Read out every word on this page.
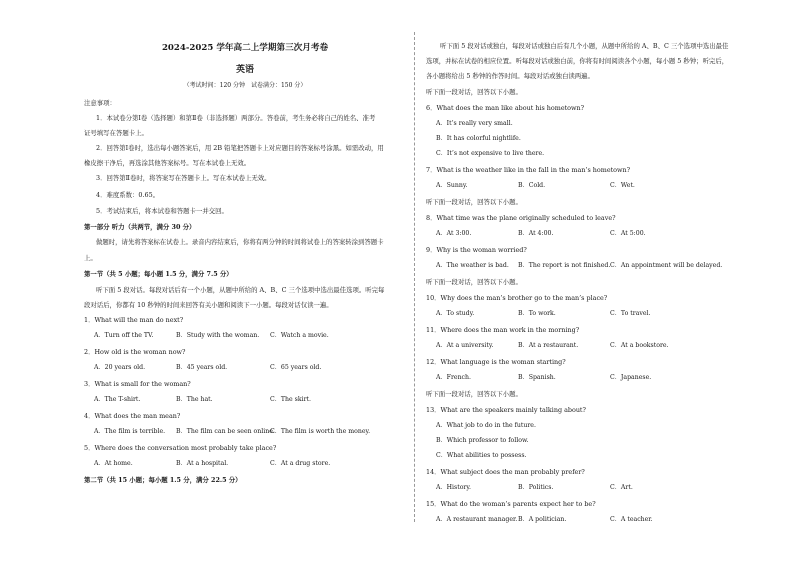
2024-2025 学年高二上学期第三次月考卷
英语
（考试时间：120 分钟　试卷满分：150 分）
注意事项：
1．本试卷分第Ⅰ卷（选择题）和第Ⅱ卷（非选择题）两部分。答卷前，考生务必将自己的姓名、准考
证号填写在答题卡上。
2．回答第Ⅰ卷时，选出每小题答案后，用 2B 铅笔把答题卡上对应题目的答案标号涂黑。如需改动，用
橡皮擦干净后，再选涂其他答案标号。写在本试卷上无效。
3．回答第Ⅱ卷时，将答案写在答题卡上。写在本试卷上无效。
4．难度系数：0.65。
5．考试结束后，将本试卷和答题卡一并交回。
第一部分 听力（共两节，满分 30 分）
做题时，请先将答案标在试卷上。录音内容结束后，你将有两分钟的时间将试卷上的答案转涂到答题卡
上。
第一节（共 5 小题；每小题 1.5 分，满分 7.5 分）
听下面 5 段对话。每段对话后有一个小题，从题中所给的 A、B、C 三个选项中选出最佳选项。听完每
段对话后，你都有 10 秒钟的时间来回答有关小题和阅读下一小题。每段对话仅读一遍。
1．What will the man do next?
A．Turn off the TV.	B．Study with the woman. C．Watch a movie.
2．How old is the woman now?
A．20 years old.	B．45 years old.	C．65 years old.
3．What is small for the woman?
A．The T-shirt.	B．The hat.	C．The skirt.
4．What does the man mean?
A．The film is terrible. B．The film can be seen online.
C．The film is worth the money.
5．Where does the conversation most probably take place?
A．At home.	B．At a hospital.	C．At a drug store.
第二节（共 15 小题；每小题 1.5 分，满分 22.5 分）
听下面 5 段对话或独白，每段对话或独白后有几个小题，从题中所给的 A、B、C 三个选项中选出最佳
选项，并标在试卷的相应位置。听每段对话或独白前，你将有时间阅读各个小题，每小题 5 秒钟；听完后，
各小题将给出 5 秒钟的作答时间。每段对话或独白读两遍。
听下面一段对话，回答以下小题。
6．What does the man like about his hometown?
A．It’s really very small.
B．It has colorful nightlife.
C．It’s not expensive to live there.
7．What is the weather like in the fall in the man’s hometown?
A．Sunny.	B．Cold.	C．Wet.
听下面一段对话，回答以下小题。
8．What time was the plane originally scheduled to leave?
A．At 3:00.	B．At 4:00.	C．At 5:00.
9．Why is the woman worried?
A．The weather is bad. B．The report is not finished. C．An appointment will be delayed.
听下面一段对话，回答以下小题。
10．Why does the man’s brother go to the man’s place?
A．To study.	B．To work.	C．To travel.
11．Where does the man work in the morning?
A．At a university.	B．At a restaurant.	C．At a bookstore.
12．What language is the woman starting?
A．French.	B．Spanish.	C．Japanese.
听下面一段对话，回答以下小题。
13．What are the speakers mainly talking about?
A．What job to do in the future.
B．Which professor to follow.
C．What abilities to possess.
14．What subject does the man probably prefer?
A．History.	B．Politics.	C．Art.
15．What do the woman’s parents expect her to be?
A．A restaurant manager. B．A politician.	C．A teacher.
